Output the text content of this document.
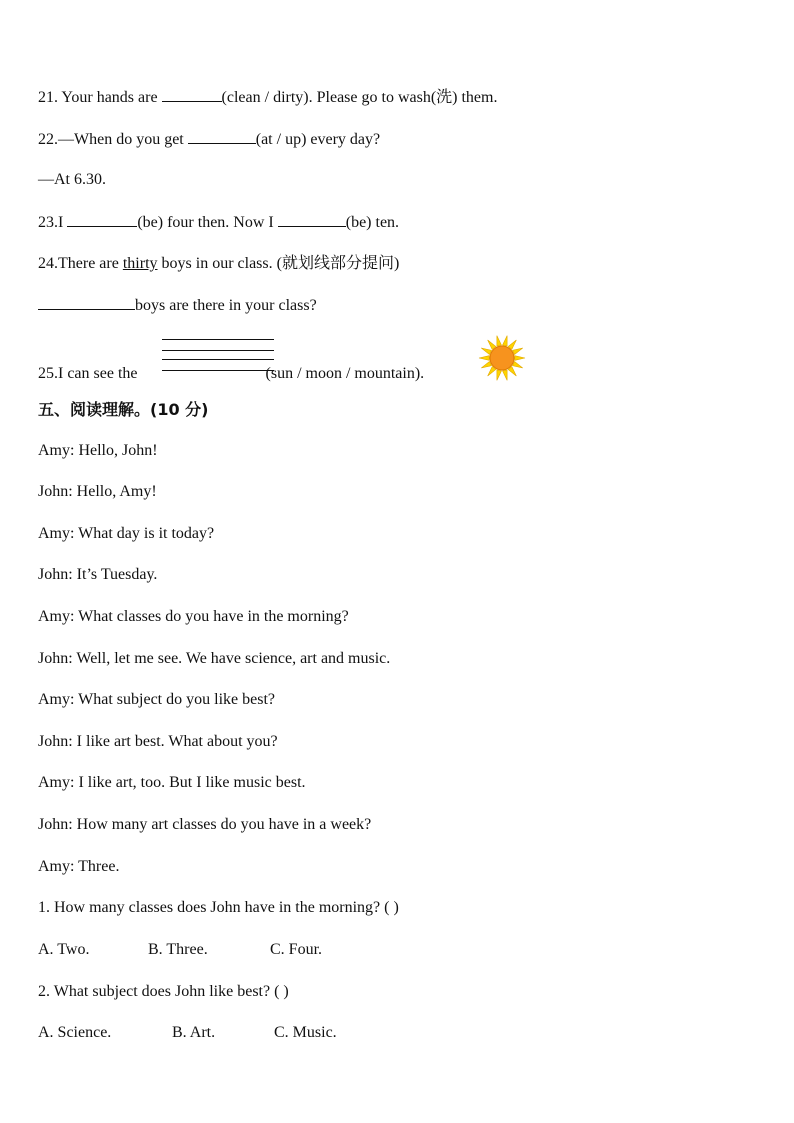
21. Your hands are	(clean / dirty). Please go to wash(洗) them.
22.—When do you get	(at / up) every day?
—At 6.30.
23.I	(be) four then. Now I	(be) ten.
24.There are thirty boys in our class. (就划线部分提问)
boys are there in your class?
25.I can see the	(sun / moon / mountain).
五、阅读理解。(10 分)
Amy: Hello, John!
John: Hello, Amy!
Amy: What day is it today?
John: It’s Tuesday.
Amy: What classes do you have in the morning?
John: Well, let me see. We have science, art and music.
Amy: What subject do you like best?
John: I like art best. What about you?
Amy: I like art, too. But I like music best.
John: How many art classes do you have in a week?
Amy: Three.
1. How many classes does John have in the morning? ( )
A. Two.	B. Three.	C. Four.
2. What subject does John like best? ( )
A. Science.	B. Art.	C. Music.
